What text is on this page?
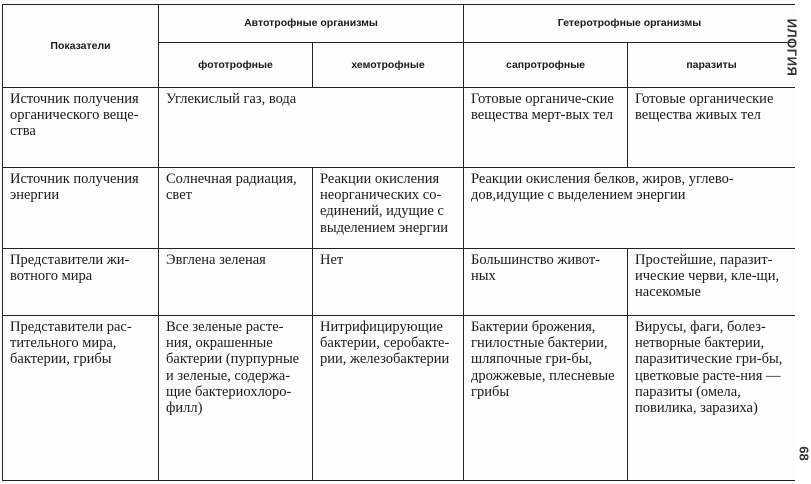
Показатели	Автотрофные организмы		Гетеротрофные организмы	
	фототрофные	хемотрофные	сапротрофные	паразиты
Источник получения органического веще-ства	Углекислый газ, вода		Готовые органиче-ские вещества мерт-вых тел	Готовые органические вещества живых тел
Источник получения энергии	Солнечная радиация, свет	Реакции окисления неорганических со-единений, идущие с выделением энергии	Реакции окисления белков, жиров, углево-дов,идущие с выделением энергии	
Представители жи-вотного мира	Эвглена зеленая	Нет	Большинство живот-ных	Простейшие, паразит-ические черви, кле-щи, насекомые
Представители рас-тительного мира, бактерии, грибы	Все зеленые расте-ния, окрашенные бактерии (пурпурные и зеленые, содержа-щие бактериохлоро-филл)	Нитрифицирующие бактерии, серобакте-рии, железобактерии	Бактерии брожения, гнилостные бактерии, шляпочные гри-бы, дрожжевые, плесневые грибы	Вирусы, фаги, болез-нетворные бактерии, паразитические гри-бы, цветковые расте-ния — паразиты (омела, повилика, заразиха)
ИЛОГИЯ
68
